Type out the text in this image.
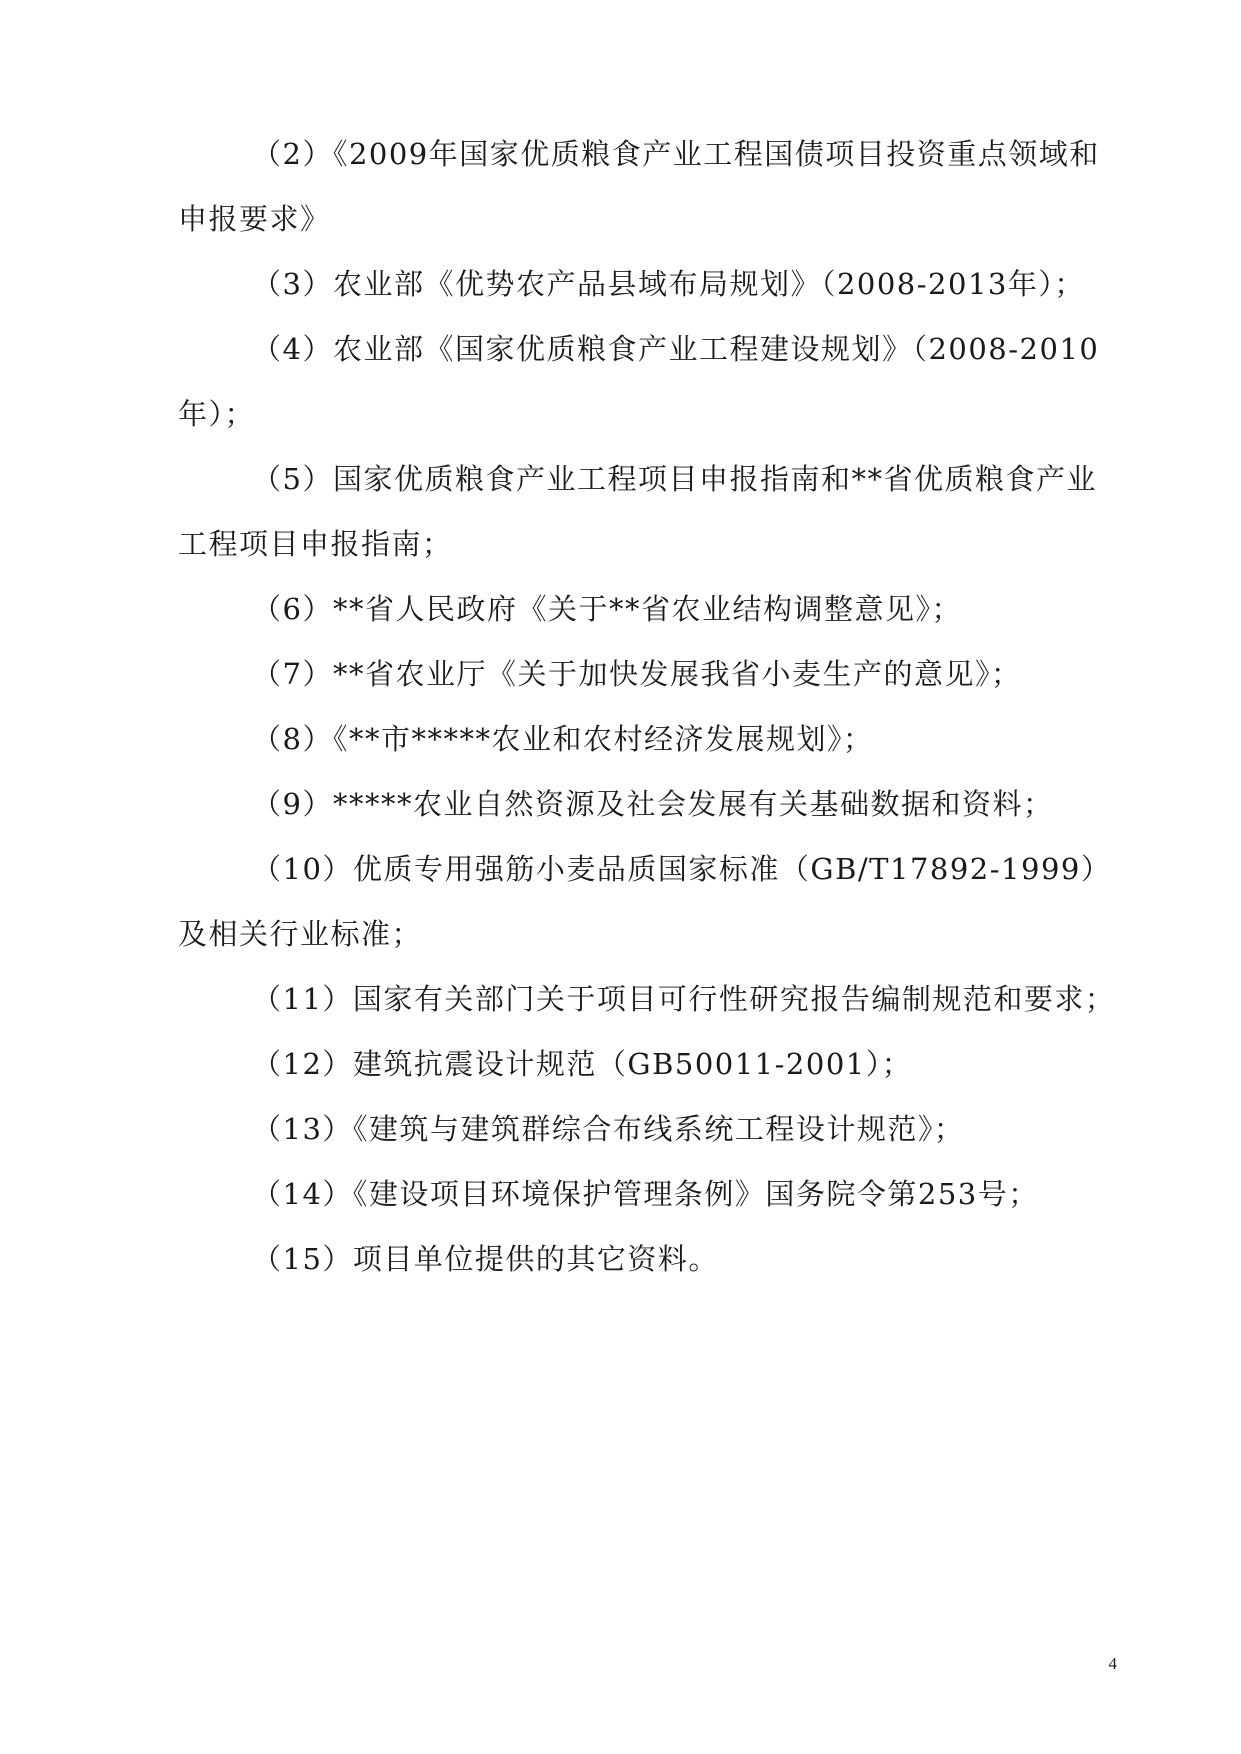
（2）《2009年国家优质粮食产业工程国债项目投资重点领域和申报要求》

（3）农业部《优势农产品县域布局规划》（2008-2013年）；

（4）农业部《国家优质粮食产业工程建设规划》（2008-2010年）；

（5）国家优质粮食产业工程项目申报指南和**省优质粮食产业工程项目申报指南；

（6）**省人民政府《关于**省农业结构调整意见》；

（7）**省农业厅《关于加快发展我省小麦生产的意见》；

（8）《**市*****农业和农村经济发展规划》；

（9）*****农业自然资源及社会发展有关基础数据和资料；

（10）优质专用强筋小麦品质国家标准（GB/T17892-1999）及相关行业标准；

（11）国家有关部门关于项目可行性研究报告编制规范和要求；

（12）建筑抗震设计规范（GB50011-2001）；

（13）《建筑与建筑群综合布线系统工程设计规范》；

（14）《建设项目环境保护管理条例》国务院令第253号；

（15）项目单位提供的其它资料。

4
